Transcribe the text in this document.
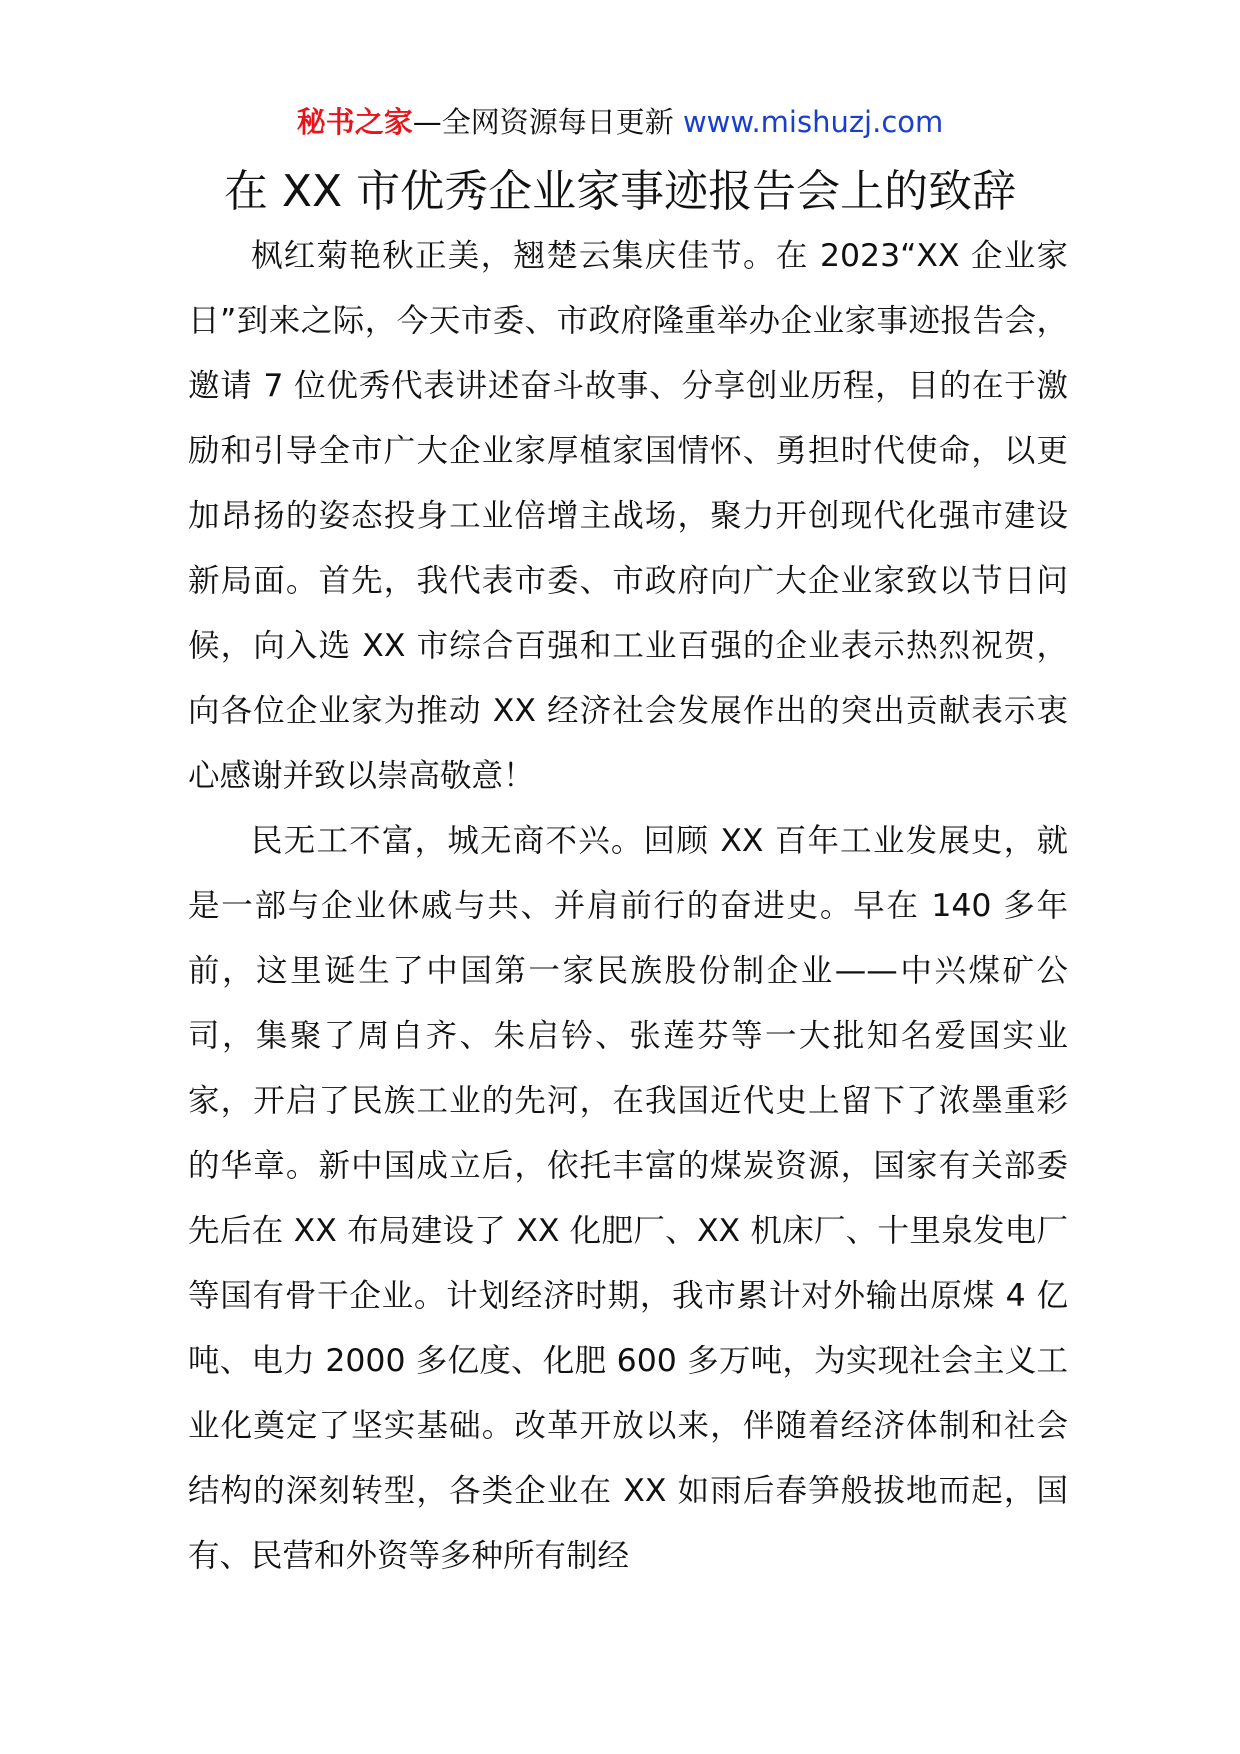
秘书之家—全网资源每日更新 www.mishuzj.com
在 XX 市优秀企业家事迹报告会上的致辞

枫红菊艳秋正美，翘楚云集庆佳节。在 2023“XX 企业家日”到来之际，今天市委、市政府隆重举办企业家事迹报告会，邀请 7 位优秀代表讲述奋斗故事、分享创业历程，目的在于激励和引导全市广大企业家厚植家国情怀、勇担时代使命，以更加昂扬的姿态投身工业倍增主战场，聚力开创现代化强市建设新局面。首先，我代表市委、市政府向广大企业家致以节日问候，向入选 XX 市综合百强和工业百强的企业表示热烈祝贺，向各位企业家为推动 XX 经济社会发展作出的突出贡献表示衷心感谢并致以崇高敬意！

民无工不富，城无商不兴。回顾 XX 百年工业发展史，就是一部与企业休戚与共、并肩前行的奋进史。早在 140 多年前，这里诞生了中国第一家民族股份制企业——中兴煤矿公司，集聚了周自齐、朱启钤、张莲芬等一大批知名爱国实业家，开启了民族工业的先河，在我国近代史上留下了浓墨重彩的华章。新中国成立后，依托丰富的煤炭资源，国家有关部委先后在 XX 布局建设了 XX 化肥厂、XX 机床厂、十里泉发电厂等国有骨干企业。计划经济时期，我市累计对外输出原煤 4 亿吨、电力 2000 多亿度、化肥 600 多万吨，为实现社会主义工业化奠定了坚实基础。改革开放以来，伴随着经济体制和社会结构的深刻转型，各类企业在 XX 如雨后春笋般拔地而起，国有、民营和外资等多种所有制经
